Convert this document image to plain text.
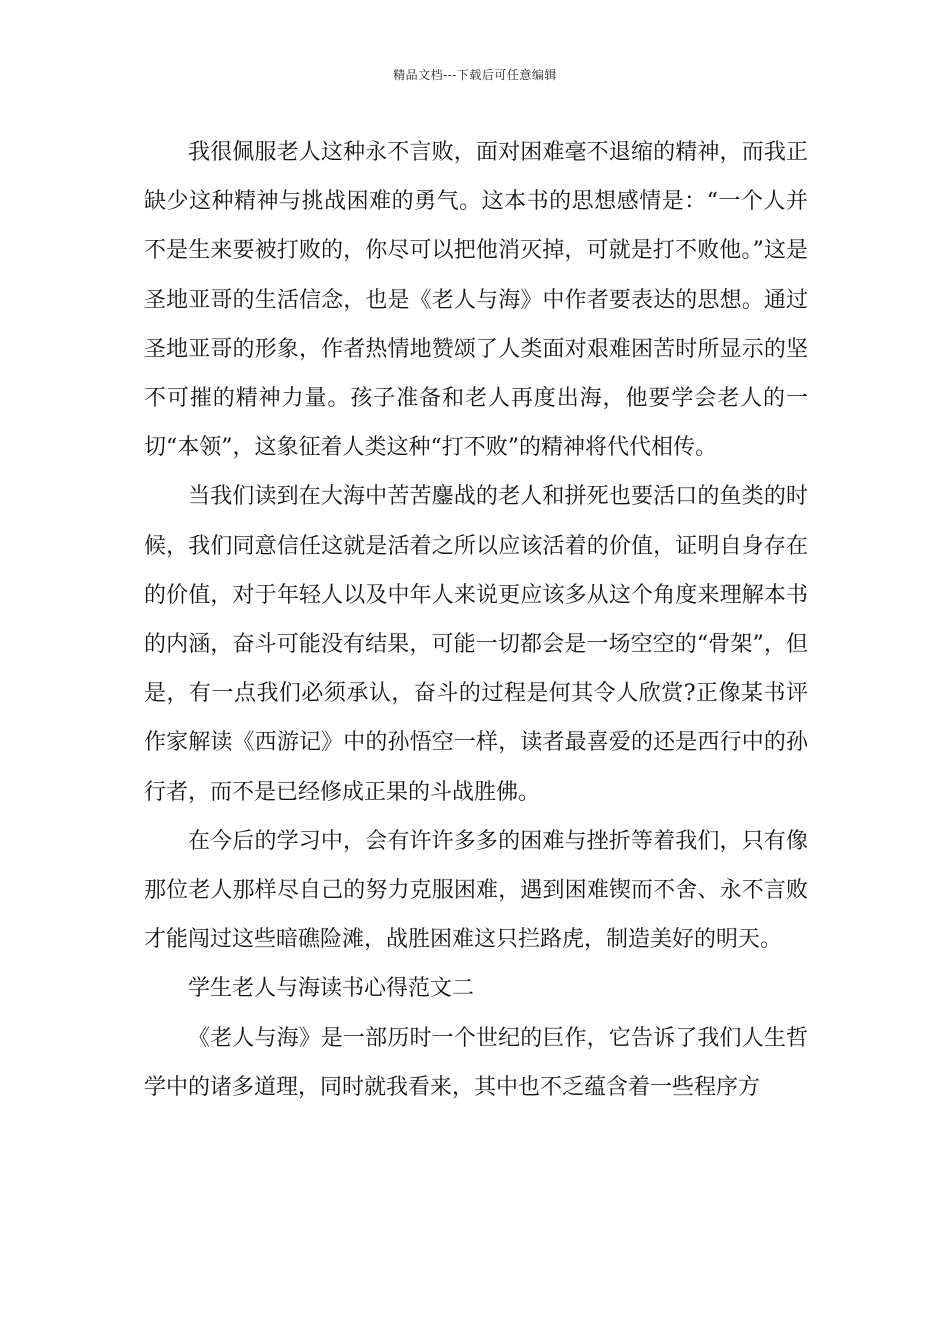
精品文档---下载后可任意编辑

我很佩服老人这种永不言败，面对困难毫不退缩的精神，而我正缺少这种精神与挑战困难的勇气。这本书的思想感情是：“一个人并不是生来要被打败的，你尽可以把他消灭掉，可就是打不败他。”这是圣地亚哥的生活信念，也是《老人与海》中作者要表达的思想。通过圣地亚哥的形象，作者热情地赞颂了人类面对艰难困苦时所显示的坚不可摧的精神力量。孩子准备和老人再度出海，他要学会老人的一切“本领”，这象征着人类这种“打不败”的精神将代代相传。

当我们读到在大海中苦苦鏖战的老人和拼死也要活口的鱼类的时候，我们同意信任这就是活着之所以应该活着的价值，证明自身存在的价值，对于年轻人以及中年人来说更应该多从这个角度来理解本书的内涵，奋斗可能没有结果，可能一切都会是一场空空的“骨架”，但是，有一点我们必须承认，奋斗的过程是何其令人欣赏?正像某书评作家解读《西游记》中的孙悟空一样，读者最喜爱的还是西行中的孙行者，而不是已经修成正果的斗战胜佛。

在今后的学习中，会有许许多多的困难与挫折等着我们，只有像那位老人那样尽自己的努力克服困难，遇到困难锲而不舍、永不言败才能闯过这些暗礁险滩，战胜困难这只拦路虎，制造美好的明天。

学生老人与海读书心得范文二

《老人与海》是一部历时一个世纪的巨作，它告诉了我们人生哲学中的诸多道理，同时就我看来，其中也不乏蕴含着一些程序方
